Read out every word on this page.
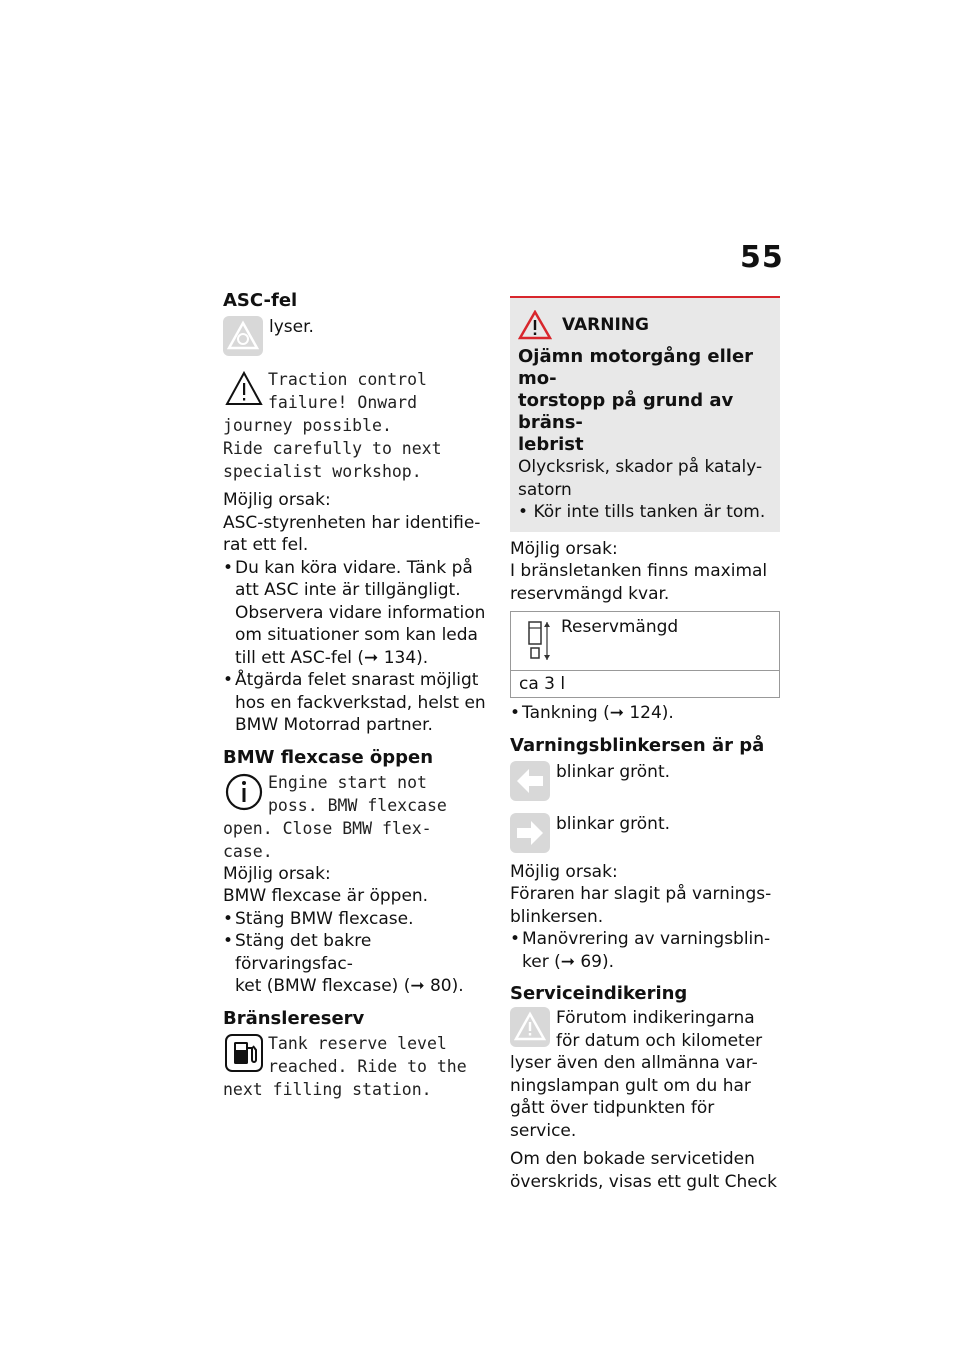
55
ASC-fel
lyser.
Traction control
failure! Onward
journey possible.
Ride carefully to next
specialist workshop.
Möjlig orsak:
ASC-styrenheten har identifie-
rat ett fel.
• Du kan köra vidare. Tänk på
att ASC inte är tillgängligt.
Observera vidare information
om situationer som kan leda
till ett ASC-fel (➞ 134).
• Åtgärda felet snarast möjligt
hos en fackverkstad, helst en
BMW Motorrad partner.
BMW flexcase öppen
Engine start not
poss. BMW flexcase
open. Close BMW flex-
case.
Möjlig orsak:
BMW flexcase är öppen.
• Stäng BMW flexcase.
• Stäng det bakre förvaringsfac-
ket (BMW flexcase) (➞ 80).
Bränslereserv
Tank reserve level
reached. Ride to the
next filling station.
VARNING
Ojämn motorgång eller mo-
torstopp på grund av bräns-
lebrist
Olycksrisk, skador på kataly-
satorn
• Kör inte tills tanken är tom.
Möjlig orsak:
I bränsletanken finns maximal
reservmängd kvar.
Reservmängd
ca 3 l
• Tankning (➞ 124).
Varningsblinkersen är på
blinkar grönt.
blinkar grönt.
Möjlig orsak:
Föraren har slagit på varnings-
blinkersen.
• Manövrering av varningsblin-
ker (➞ 69).
Serviceindikering
Förutom indikeringarna
för datum och kilometer
lyser även den allmänna var-
ningslampan gult om du har
gått över tidpunkten för service.
Om den bokade servicetiden
överskrids, visas ett gult Check
